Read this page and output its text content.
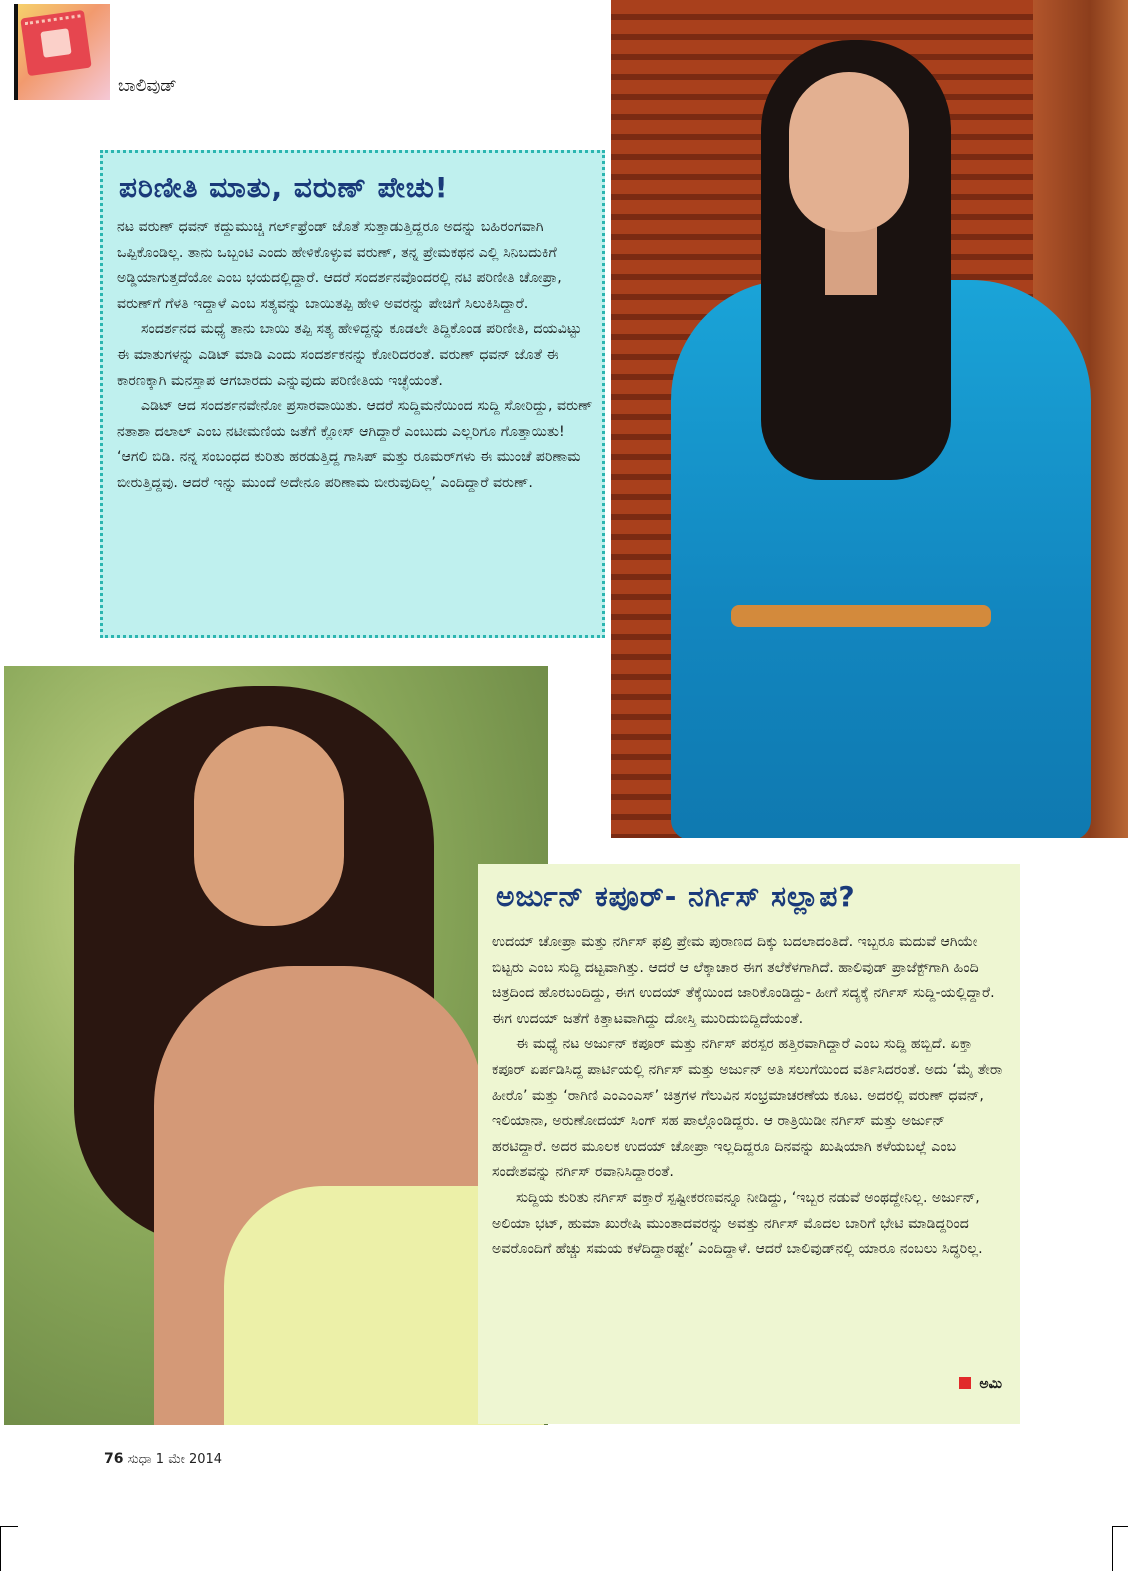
ಬಾಲಿವುಡ್
ಪರಿಣೀತಿ ಮಾತು, ವರುಣ್ ಪೇಚು!

ನಟ ವರುಣ್ ಧವನ್ ಕದ್ದುಮುಚ್ಚಿ ಗರ್ಲ್‌ಫ್ರೆಂಡ್ ಜೊತೆ ಸುತ್ತಾಡುತ್ತಿದ್ದರೂ ಅದನ್ನು ಬಹಿರಂಗವಾಗಿ ಒಪ್ಪಿಕೊಂಡಿಲ್ಲ. ತಾನು ಒಬ್ಬಂಟಿ ಎಂದು ಹೇಳಿಕೊಳ್ಳುವ ವರುಣ್, ತನ್ನ ಪ್ರೇಮಕಥನ ಎಲ್ಲಿ ಸಿನಿಬದುಕಿಗೆ ಅಡ್ಡಿಯಾಗುತ್ತದೆಯೋ ಎಂಬ ಭಯದಲ್ಲಿದ್ದಾರೆ. ಆದರೆ ಸಂದರ್ಶನವೊಂದರಲ್ಲಿ ನಟಿ ಪರಿಣೀತಿ ಚೋಪ್ರಾ, ವರುಣ್‌ಗೆ ಗೆಳತಿ ಇದ್ದಾಳೆ ಎಂಬ ಸತ್ಯವನ್ನು ಬಾಯಿತಪ್ಪಿ ಹೇಳಿ ಅವರನ್ನು ಪೇಚಿಗೆ ಸಿಲುಕಿಸಿದ್ದಾರೆ.

ಸಂದರ್ಶನದ ಮಧ್ಯೆ ತಾನು ಬಾಯಿ ತಪ್ಪಿ ಸತ್ಯ ಹೇಳಿದ್ದನ್ನು ಕೂಡಲೇ ತಿದ್ದಿಕೊಂಡ ಪರಿಣೀತಿ, ದಯವಿಟ್ಟು ಈ ಮಾತುಗಳನ್ನು ಎಡಿಟ್ ಮಾಡಿ ಎಂದು ಸಂದರ್ಶಕನನ್ನು ಕೋರಿದರಂತೆ. ವರುಣ್ ಧವನ್ ಜೊತೆ ಈ ಕಾರಣಕ್ಕಾಗಿ ಮನಸ್ತಾಪ ಆಗಬಾರದು ಎನ್ನುವುದು ಪರಿಣೀತಿಯ ಇಚ್ಛೆಯಂತೆ.

ಎಡಿಟ್ ಆದ ಸಂದರ್ಶನವೇನೋ ಪ್ರಸಾರವಾಯಿತು. ಆದರೆ ಸುದ್ದಿಮನೆಯಿಂದ ಸುದ್ದಿ ಸೋರಿದ್ದು, ವರುಣ್ ನತಾಶಾ ದಲಾಲ್ ಎಂಬ ನಟೀಮಣಿಯ ಜತೆಗೆ ಕ್ಲೋಸ್ ಆಗಿದ್ದಾರೆ ಎಂಬುದು ಎಲ್ಲರಿಗೂ ಗೊತ್ತಾಯಿತು! ‘ಆಗಲಿ ಬಿಡಿ. ನನ್ನ ಸಂಬಂಧದ ಕುರಿತು ಹರಡುತ್ತಿದ್ದ ಗಾಸಿಪ್ ಮತ್ತು ರೂಮರ್‌ಗಳು ಈ ಮುಂಚೆ ಪರಿಣಾಮ ಬೀರುತ್ತಿದ್ದವು. ಆದರೆ ಇನ್ನು ಮುಂದೆ ಅದೇನೂ ಪರಿಣಾಮ ಬೀರುವುದಿಲ್ಲ’ ಎಂದಿದ್ದಾರೆ ವರುಣ್.

ಅರ್ಜುನ್ ಕಪೂರ್- ನರ್ಗಿಸ್ ಸಲ್ಲಾಪ?

ಉದಯ್ ಚೋಪ್ರಾ ಮತ್ತು ನರ್ಗಿಸ್ ಫಖ್ರಿ ಪ್ರೇಮ ಪುರಾಣದ ದಿಕ್ಕು ಬದಲಾದಂತಿದೆ. ಇಬ್ಬರೂ ಮದುವೆ ಆಗಿಯೇ ಬಿಟ್ಟರು ಎಂಬ ಸುದ್ದಿ ದಟ್ಟವಾಗಿತ್ತು. ಆದರೆ ಆ ಲೆಕ್ಕಾಚಾರ ಈಗ ತಲೆಕೆಳಗಾಗಿದೆ. ಹಾಲಿವುಡ್ ಪ್ರಾಜೆಕ್ಟ್‌ಗಾಗಿ ಹಿಂದಿ ಚಿತ್ರದಿಂದ ಹೊರಬಂದಿದ್ದು, ಈಗ ಉದಯ್ ತೆಕ್ಕೆಯಿಂದ ಜಾರಿಕೊಂಡಿದ್ದು- ಹೀಗೆ ಸದ್ಯಕ್ಕೆ ನರ್ಗಿಸ್ ಸುದ್ದಿ-ಯಲ್ಲಿದ್ದಾರೆ. ಈಗ ಉದಯ್ ಜತೆಗೆ ಕಿತ್ತಾಟವಾಗಿದ್ದು ದೋಸ್ತಿ ಮುರಿದುಬಿದ್ದಿದೆಯಂತೆ.

ಈ ಮಧ್ಯೆ ನಟ ಅರ್ಜುನ್ ಕಪೂರ್ ಮತ್ತು ನರ್ಗಿಸ್ ಪರಸ್ಪರ ಹತ್ತಿರವಾಗಿದ್ದಾರೆ ಎಂಬ ಸುದ್ದಿ ಹಬ್ಬಿದೆ. ಏಕ್ತಾ ಕಪೂರ್ ಏರ್ಪಡಿಸಿದ್ದ ಪಾರ್ಟಿಯಲ್ಲಿ ನರ್ಗಿಸ್ ಮತ್ತು ಅರ್ಜುನ್ ಅತಿ ಸಲುಗೆಯಿಂದ ವರ್ತಿಸಿದರಂತೆ. ಅದು ‘ಮೈ ತೇರಾ ಹೀರೊ’ ಮತ್ತು ‘ರಾಗಿಣಿ ಎಂಎಂಎಸ್’ ಚಿತ್ರಗಳ ಗೆಲುವಿನ ಸಂಭ್ರಮಾಚರಣೆಯ ಕೂಟ. ಅದರಲ್ಲಿ ವರುಣ್ ಧವನ್, ಇಲಿಯಾನಾ, ಅರುಣೋದಯ್ ಸಿಂಗ್ ಸಹ ಪಾಲ್ಗೊಂಡಿದ್ದರು. ಆ ರಾತ್ರಿಯಿಡೀ ನರ್ಗಿಸ್ ಮತ್ತು ಅರ್ಜುನ್ ಹರಟಿದ್ದಾರೆ. ಅದರ ಮೂಲಕ ಉದಯ್ ಚೋಪ್ರಾ ಇಲ್ಲದಿದ್ದರೂ ದಿನವನ್ನು ಖುಷಿಯಾಗಿ ಕಳೆಯಬಲ್ಲೆ ಎಂಬ ಸಂದೇಶವನ್ನು ನರ್ಗಿಸ್ ರವಾನಿಸಿದ್ದಾರಂತೆ.

ಸುದ್ದಿಯ ಕುರಿತು ನರ್ಗಿಸ್ ವಕ್ತಾರೆ ಸ್ಪಷ್ಟೀಕರಣವನ್ನೂ ನೀಡಿದ್ದು, ‘ಇಬ್ಬರ ನಡುವೆ ಅಂಥದ್ದೇನಿಲ್ಲ. ಅರ್ಜುನ್, ಅಲಿಯಾ ಭಟ್, ಹುಮಾ ಖುರೇಷಿ ಮುಂತಾದವರನ್ನು ಅವತ್ತು ನರ್ಗಿಸ್ ಮೊದಲ ಬಾರಿಗೆ ಭೇಟಿ ಮಾಡಿದ್ದರಿಂದ ಅವರೊಂದಿಗೆ ಹೆಚ್ಚು ಸಮಯ ಕಳೆದಿದ್ದಾರಷ್ಟೇ’ ಎಂದಿದ್ದಾಳೆ. ಆದರೆ ಬಾಲಿವುಡ್‌ನಲ್ಲಿ ಯಾರೂ ನಂಬಲು ಸಿದ್ಧರಿಲ್ಲ.

ಅಮಿ
76 ಸುಧಾ 1 ಮೇ 2014
